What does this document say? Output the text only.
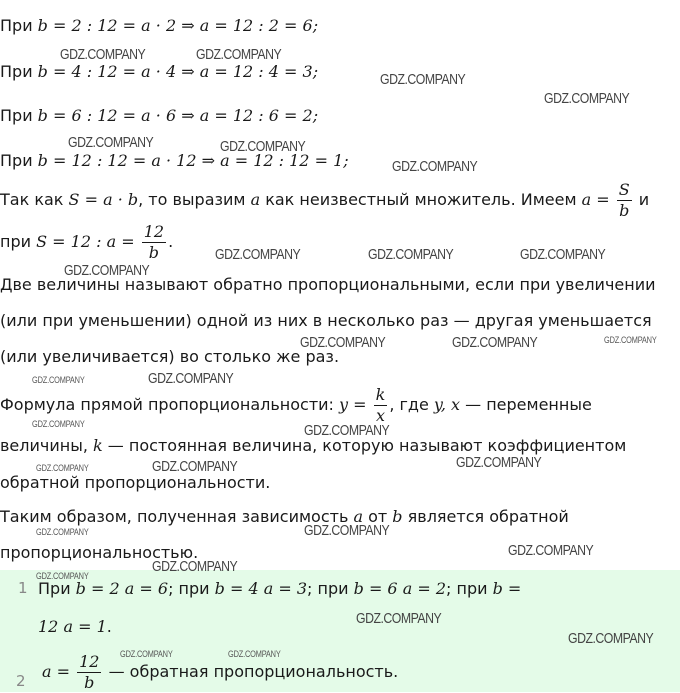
При b = 2 : 12 = a · 2 ⇒ a = 12 : 2 = 6;
При b = 4 : 12 = a · 4 ⇒ a = 12 : 4 = 3;
При b = 6 : 12 = a · 6 ⇒ a = 12 : 6 = 2;
При b = 12 : 12 = a · 12 ⇒ a = 12 : 12 = 1;
Так как S = a · b, то выразим a как неизвестный множитель. Имеем $a = \frac{S}{b}$ и
при S = 12 : $a = \frac{12}{b}$ .
Две величины называют обратно пропорциональными, если при увеличении
(или при уменьшении) одной из них в несколько раз — другая уменьшается
(или увеличивается) во столько же раз.
Формула прямой пропорциональности: $y = \frac{k}{x}$ , где y, x — переменные
величины, k — постоянная величина, которую называют коэффициентом
обратной пропорциональности.
Таким образом, полученная зависимость a от b является обратной
пропорциональностью.
1 При b = 2 a = 6; при b = 4 a = 3; при b = 6 a = 2; при b =
12 a = 1.
2 $a = \frac{12}{b}$ — обратная пропорциональность.
GDZ.COMPANY	GDZ.COMPANY
GDZ.COMPANY
GDZ.COMPANY
GDZ.COMPANY	GDZ.COMPANY
GDZ.COMPANY
GDZ.COMPANY	GDZ.COMPANY	GDZ.COMPANY
GDZ.COMPANY
GDZ.COMPANY	GDZ.COMPANY	GDZ.COMPANY
GDZ.COMPANY	GDZ.COMPANY
GDZ.COMPANY	GDZ.COMPANY
GDZ.COMPANY	GDZ.COMPANY	GDZ.COMPANY
GDZ.COMPANY	GDZ.COMPANY
GDZ.COMPANY
GDZ.COMPANY
GDZ.COMPANY
GDZ.COMPANY
GDZ.COMPANY
GDZ.COMPANY	GDZ.COMPANY
